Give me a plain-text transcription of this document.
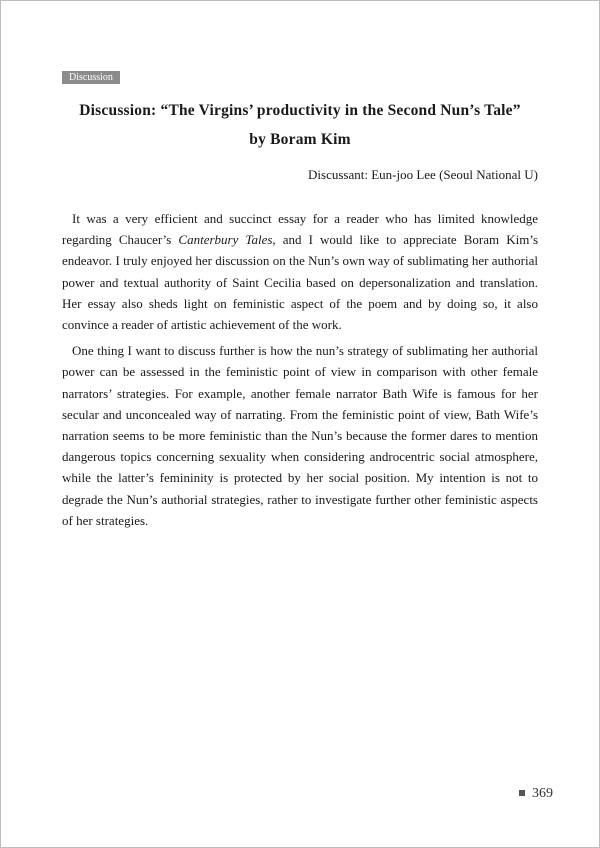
Discussion
Discussion: “The Virgins’ productivity in the Second Nun’s Tale”
by Boram Kim
Discussant: Eun-joo Lee (Seoul National U)

It was a very efficient and succinct essay for a reader who has limited knowledge regarding Chaucer’s Canterbury Tales, and I would like to appreciate Boram Kim’s endeavor. I truly enjoyed her discussion on the Nun’s own way of sublimating her authorial power and textual authority of Saint Cecilia based on depersonalization and translation. Her essay also sheds light on feministic aspect of the poem and by doing so, it also convince a reader of artistic achievement of the work.

One thing I want to discuss further is how the nun’s strategy of sublimating her authorial power can be assessed in the feministic point of view in comparison with other female narrators’ strategies. For example, another female narrator Bath Wife is famous for her secular and unconcealed way of narrating. From the feministic point of view, Bath Wife’s narration seems to be more feministic than the Nun’s because the former dares to mention dangerous topics concerning sexuality when considering androcentric social atmosphere, while the latter’s femininity is protected by her social position. My intention is not to degrade the Nun’s authorial strategies, rather to investigate further other feministic aspects of her strategies.

369
